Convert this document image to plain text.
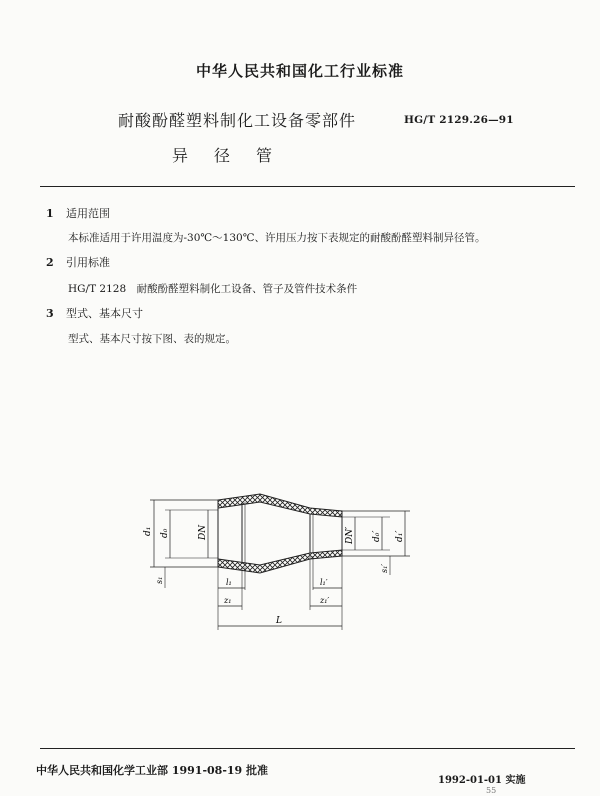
中华人民共和国化工行业标准
耐酸酚醛塑料制化工设备零部件	HG/T 2129.26—91
异径管
1 适用范围
本标准适用于许用温度为-30℃～130℃、许用压力按下表规定的耐酸酚醛塑料制异径管。
2 引用标准
HG/T 2128　耐酸酚醛塑料制化工设备、管子及管件技术条件
3 型式、基本尺寸
型式、基本尺寸按下图、表的规定。
d₁ d₀	DN	DN′ d₀′ d₁′
s₁
s₁′
l₁	l₁′
z₁	z₁′
L
中华人民共和国化学工业部 1991-08-19 批准
1992-01-01 实施
55
